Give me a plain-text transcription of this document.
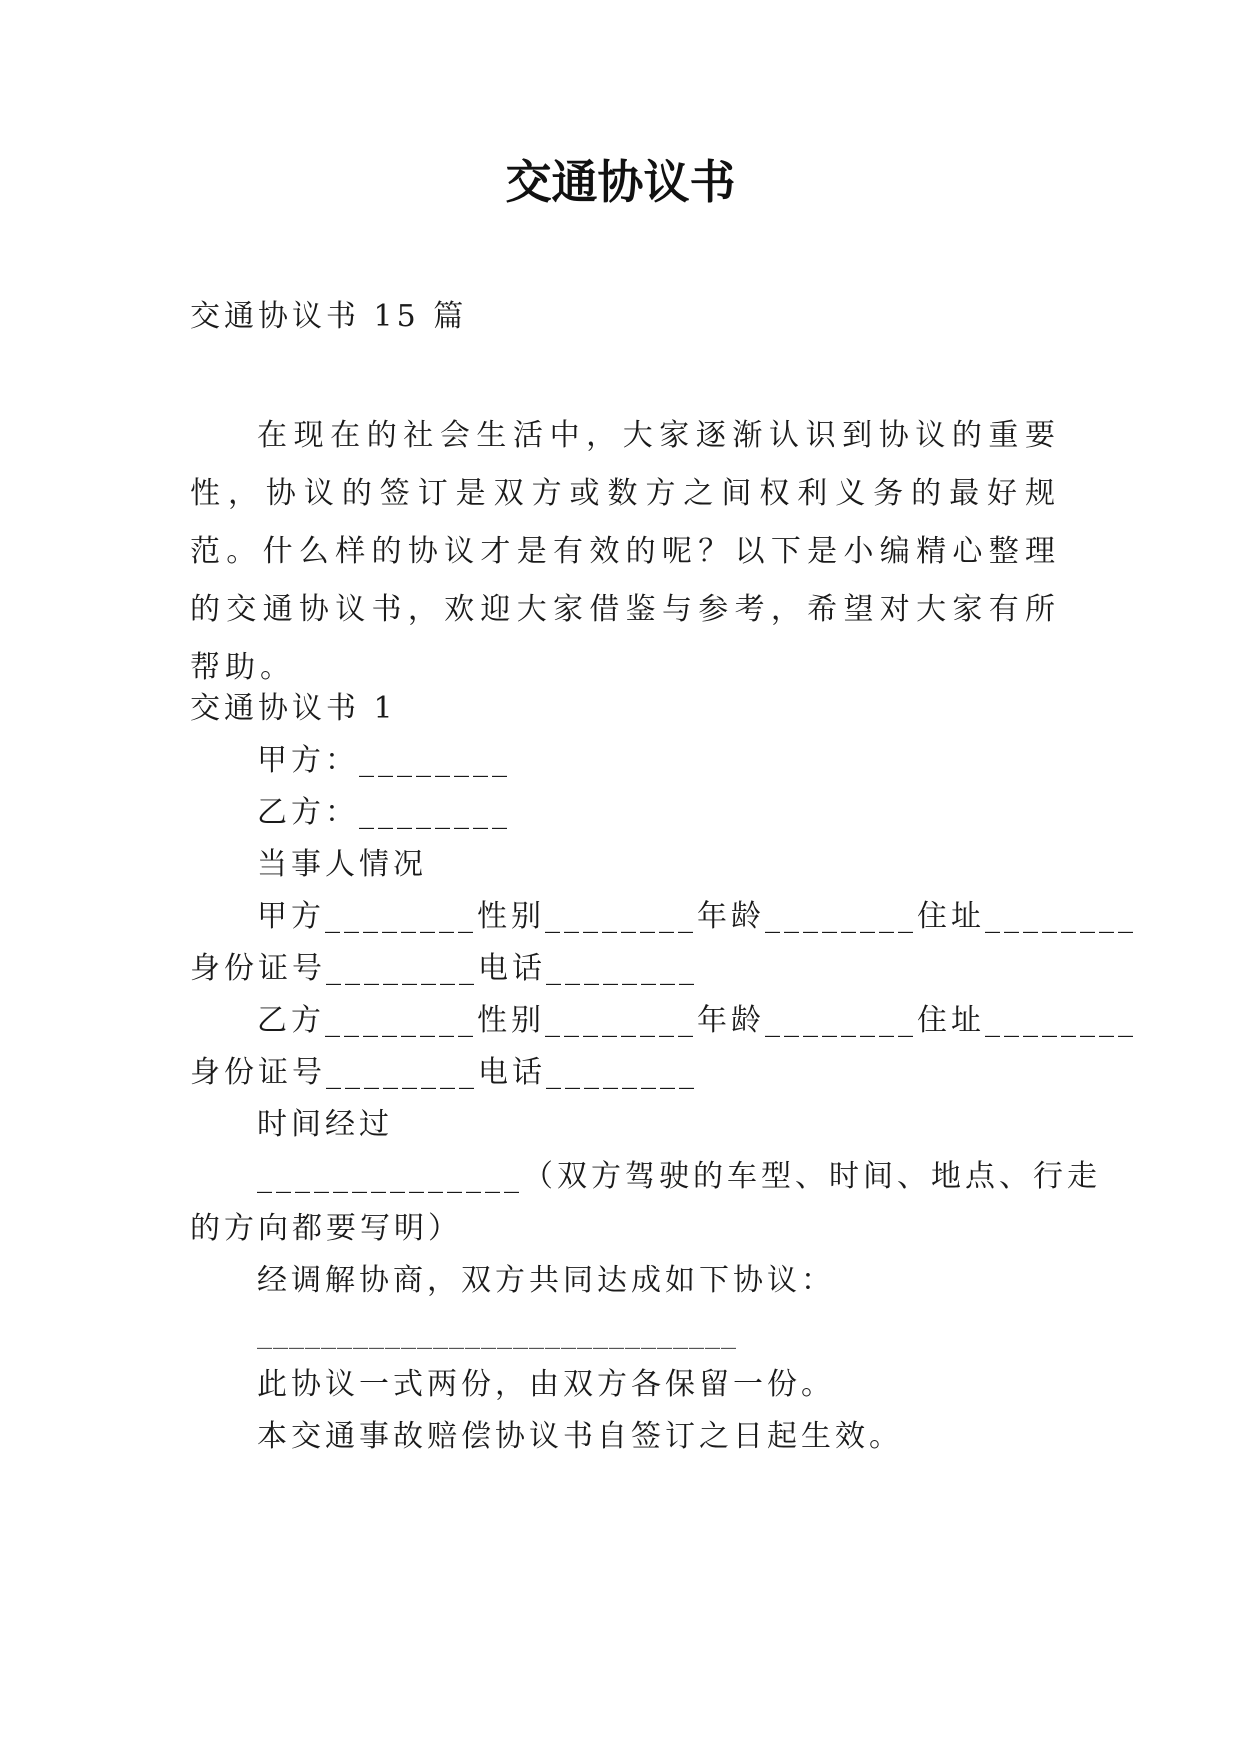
交通协议书
交通协议书 15 篇
在现在的社会生活中，大家逐渐认识到协议的重要性，协议的签订是双方或数方之间权利义务的最好规范。什么样的协议才是有效的呢？以下是小编精心整理的交通协议书，欢迎大家借鉴与参考，希望对大家有所帮助。
交通协议书 1
甲方：________
乙方：________
当事人情况
甲方________性别________年龄________住址________
身份证号________电话________
乙方________性别________年龄________住址________
身份证号________电话________
时间经过
______________（双方驾驶的车型、时间、地点、行走
的方向都要写明）
经调解协商，双方共同达成如下协议：
______________________________
此协议一式两份，由双方各保留一份。
本交通事故赔偿协议书自签订之日起生效。
